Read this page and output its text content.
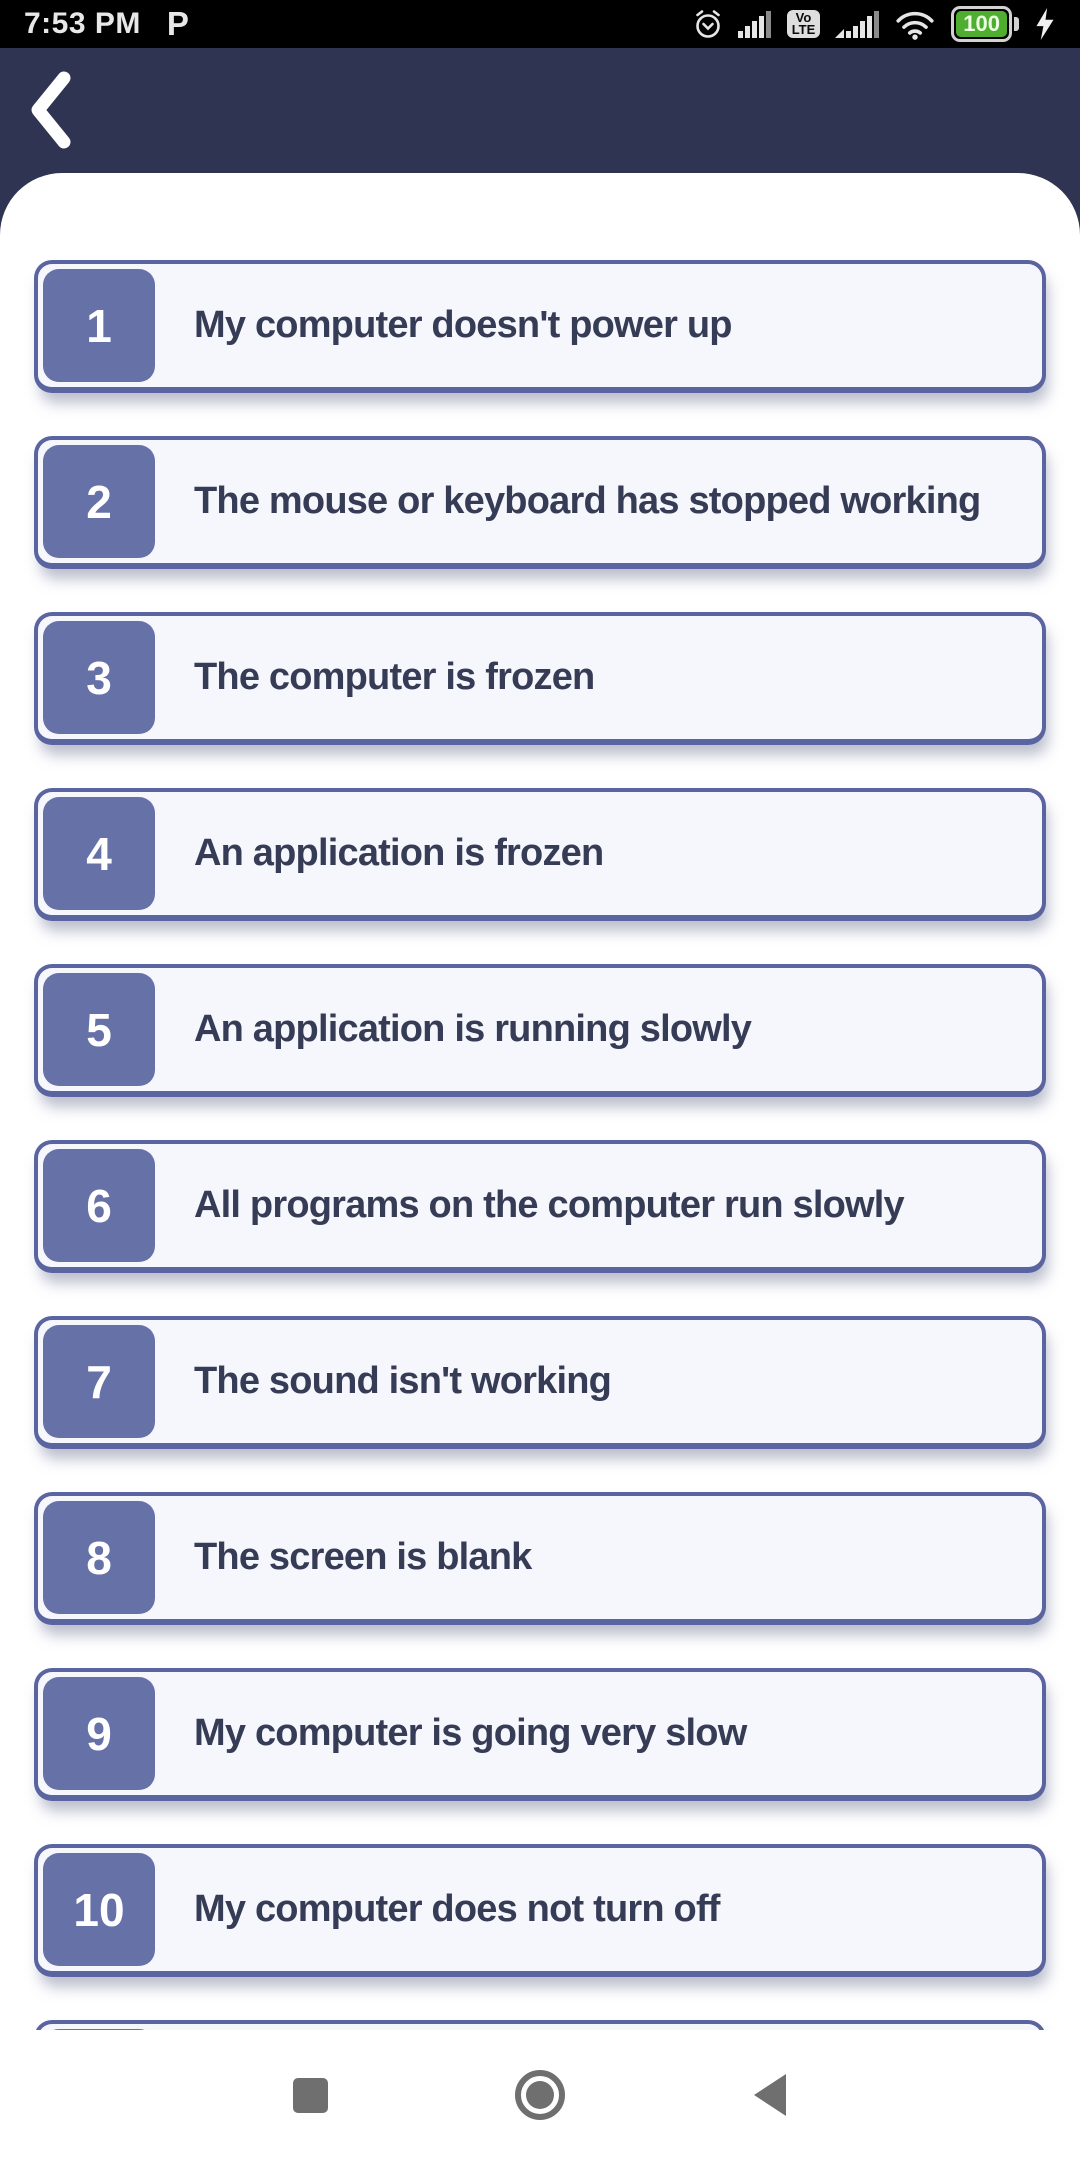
7:53 PM P	Vo
LTE	100
1	My computer doesn't power up
2	The mouse or keyboard has stopped working
3	The computer is frozen
4	An application is frozen
5	An application is running slowly
6	All programs on the computer run slowly
7	The sound isn't working
8	The screen is blank
9	My computer is going very slow
10	My computer does not turn off
